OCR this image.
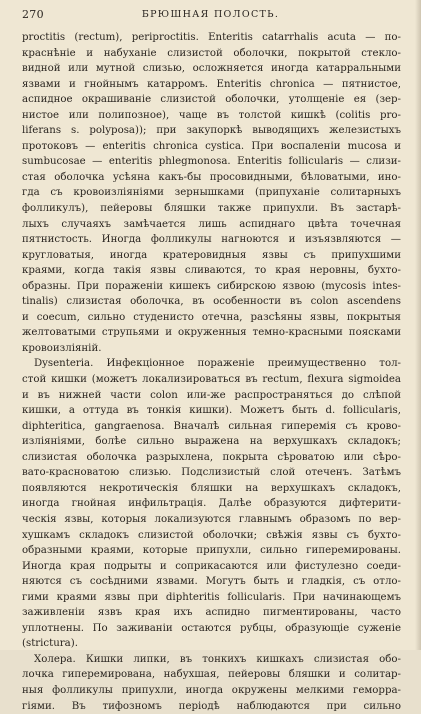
270	БРЮШНАЯ ПОЛОСТЬ.
proctitis (rectum), periproctitis. Enteritis catarrhalis acuta — по-
краснѣніе и набуханіе слизистой оболочки, покрытой стекло-
видной или мутной слизью, осложняется иногда катарральными
язвами и гнойнымъ катарромъ. Enteritis chronica — пятнистое,
аспидное окрашиваніе слизистой оболочки, утолщеніе ея (зер-
нистое или полипозное), чаще въ толстой кишкѣ (colitis pro-
liferans s. polyposa)); при закупоркѣ выводящихъ железистыхъ
протоковъ — enteritis chronica cystica. При воспаленіи mucosa и
sumbucosae — enteritis phlegmonosa. Enteritis follicularis — слизи-
стая оболочка усѣяна какъ-бы просовидными, бѣловатыми, инo-
гда съ кровоизліяніями зернышками (припуханіе солитарныхъ
фолликулъ), пейеровы бляшки также припухли. Въ застарѣ-
лыхъ случаяхъ замѣчается лишь аспиднаго цвѣта точечная
пятнистость. Иногда фолликулы нагноются и изъязвляются —
кругловатыя, иногда кратеровидныя язвы съ припухшими
краями, когда такія язвы сливаются, то края неровны, бухто-
образны. При пораженіи кишекъ сибирскою язвою (mycosis intes-
tinalis) слизистая оболочка, въ особенности въ colon ascendens
и coecum, сильно студенисто отечна, разсѣяны язвы, покрытыя
желтоватыми струпьями и окруженныя темно-красными поясками
кровоизліяній.
Dysenteria. Инфекціонное пораженіе преимущественно тол-
стой кишки (можетъ локализироваться въ rectum, flexura sigmoidea
и въ нижней части colon или-же распространяться до слѣпой
кишки, а оттуда въ тонкія кишки). Можетъ быть d. follicularis,
diphteritica, gangraenosa. Вначалѣ сильная гиперемія съ крово-
изліяніями, болѣе сильно выражена на верхушкахъ складокъ;
слизистая оболочка разрыхлена, покрыта сѣроватою или сѣро-
вато-красноватою слизью. Подслизистый слой отеченъ. Затѣмъ
появляются некротическія бляшки на верхушкахъ складокъ,
иногда гнойная инфильтрація. Далѣе образуются дифтерити-
ческія язвы, которыя локализуются главнымъ образомъ по вер-
хушкамъ складокъ слизистой оболочки; свѣжія язвы съ бухто-
образными краями, которые припухли, сильно гиперемированы.
Иногда края подрыты и соприкасаются или фистулезно соеди-
няются съ сосѣдними язвами. Могутъ быть и гладкія, съ отло-
гими краями язвы при diphteritis follicularis. При начинающемъ
заживленіи язвъ края ихъ аспидно пигментированы, часто
уплотнены. По заживаніи остаются рубцы, образующіе суженіе
(strictura).
Холера. Кишки липки, въ тонкихъ кишкахъ слизистая обо-
лочка гиперемирована, набухшая, пейеровы бляшки и солитар-
ныя фолликулы припухли, иногда окружены мелкими геморра-
гіями. Въ тифозномъ періодѣ наблюдаются при сильно
